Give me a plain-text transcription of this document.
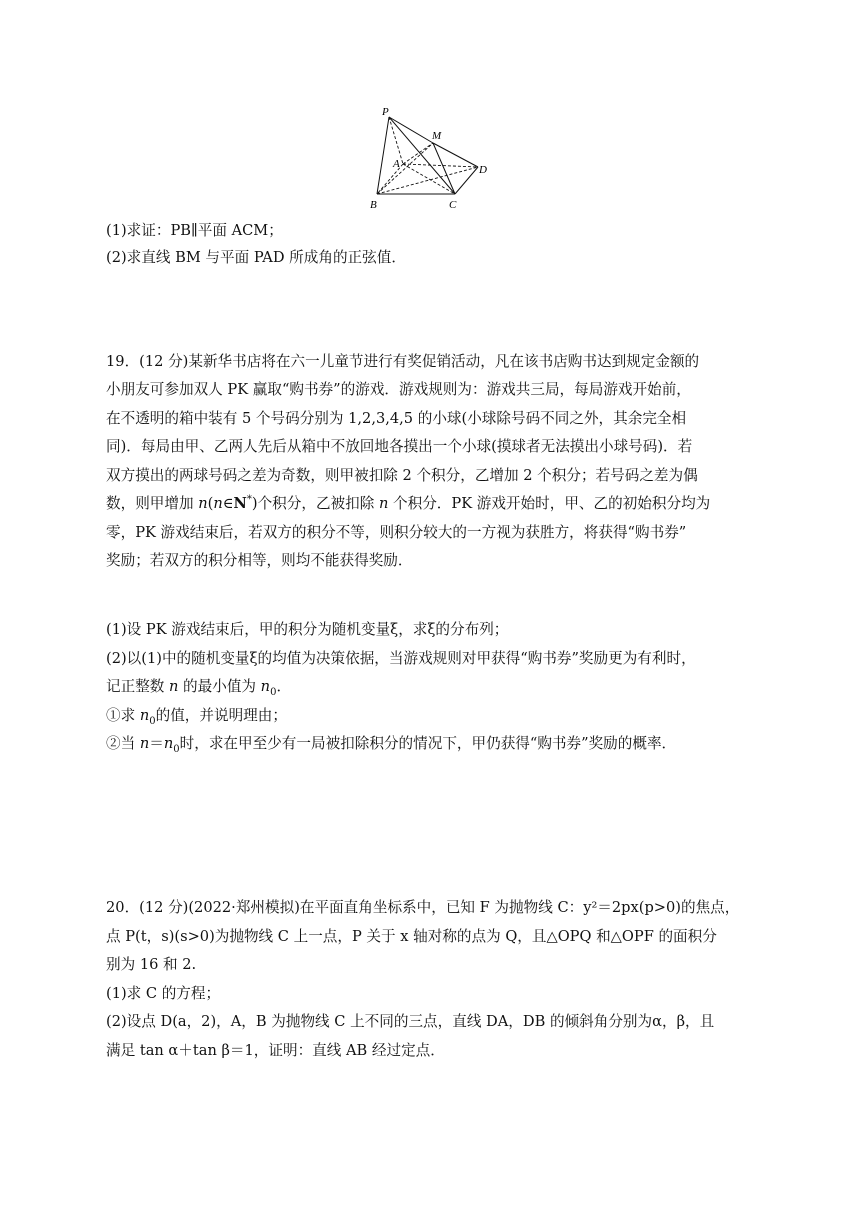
P
M
A	D
B	C
(1)求证：PB∥平面 ACM；
(2)求直线 BM 与平面 PAD 所成角的正弦值．
19．(12 分)某新华书店将在六一儿童节进行有奖促销活动，凡在该书店购书达到规定金额的
小朋友可参加双人 PK 赢取“购书券”的游戏．游戏规则为：游戏共三局，每局游戏开始前，
在不透明的箱中装有 5 个号码分别为 1,2,3,4,5 的小球(小球除号码不同之外，其余完全相
同)．每局由甲、乙两人先后从箱中不放回地各摸出一个小球(摸球者无法摸出小球号码)．若
双方摸出的两球号码之差为奇数，则甲被扣除 2 个积分，乙增加 2 个积分；若号码之差为偶
数，则甲增加 n(n∈N*)个积分，乙被扣除 n 个积分．PK 游戏开始时，甲、乙的初始积分均为
零，PK 游戏结束后，若双方的积分不等，则积分较大的一方视为获胜方，将获得“购书券”
奖励；若双方的积分相等，则均不能获得奖励．
(1)设 PK 游戏结束后，甲的积分为随机变量ξ，求ξ的分布列；
(2)以(1)中的随机变量ξ的均值为决策依据，当游戏规则对甲获得“购书券”奖励更为有利时，
记正整数 n 的最小值为 $n_0$．
①求 $n_0$的值，并说明理由；
②当 $n=n_0$时，求在甲至少有一局被扣除积分的情况下，甲仍获得“购书券”奖励的概率．
20．(12 分)(2022·郑州模拟)在平面直角坐标系中，已知 F 为抛物线 C：y²＝2px(p>0)的焦点，
点 P(t，s)(s>0)为抛物线 C 上一点，P 关于 x 轴对称的点为 Q，且△OPQ 和△OPF 的面积分
别为 16 和 2.
(1)求 C 的方程；
(2)设点 D(a，2)，A，B 为抛物线 C 上不同的三点，直线 DA，DB 的倾斜角分别为α，β，且
满足 tan α＋tan β＝1，证明：直线 AB 经过定点．
